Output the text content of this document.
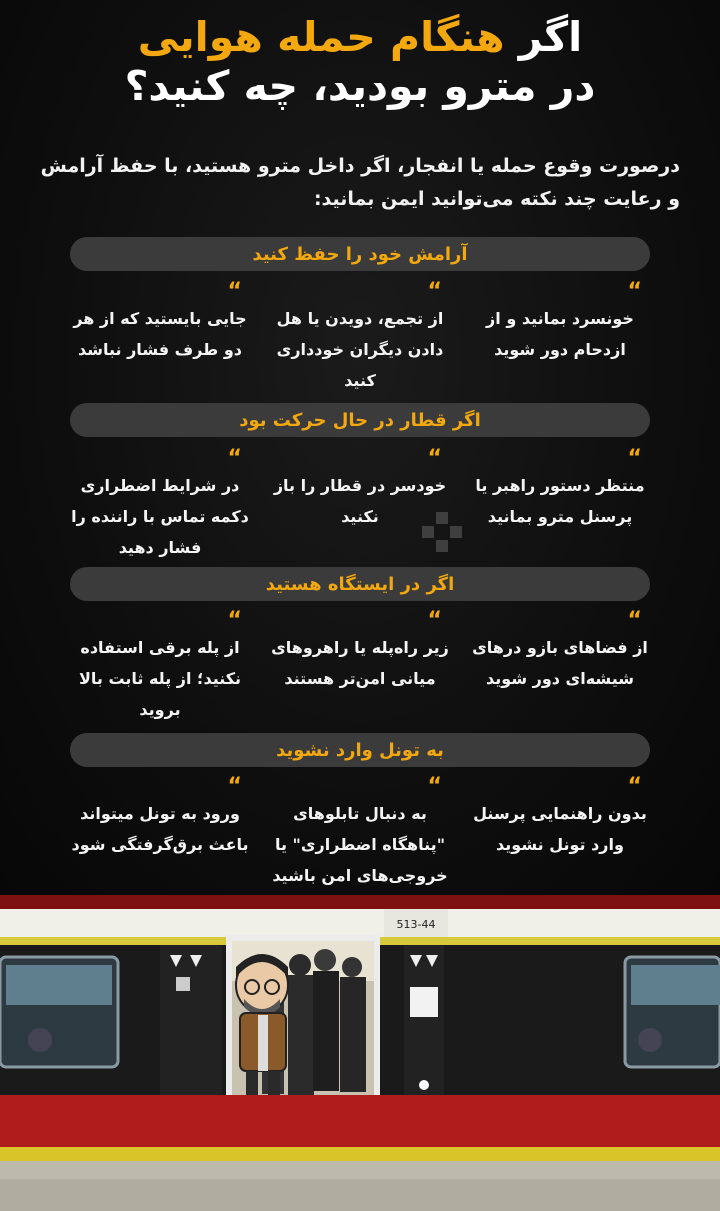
اگر هنگام حمله هوایی
در مترو بودید، چه کنید؟
درصورت وقوع حمله یا انفجار، اگر داخل مترو هستید، با حفظ آرامش و رعایت چند نکته می‌توانید ایمن بمانید:
آرامش خود را حفظ کنید
“
خونسرد بمانید و از ازدحام دور شوید
“
از تجمع، دویدن یا هل دادن دیگران خودداری کنید
“
جایی بایستید که از هر دو طرف فشار نباشد
اگر قطار در حال حرکت بود
“
منتظر دستور راهبر یا پرسنل مترو بمانید
“
خودسر در قطار را باز نکنید
“
در شرایط اضطراری دکمه تماس با راننده را فشار دهید
اگر در ایستگاه هستید
“
از فضاهای بازو درهای شیشه‌ای دور شوید
“
زیر راه‌پله یا راهروهای میانی امن‌تر هستند
“
از پله برقی استفاده نکنید؛ از پله ثابت بالا بروید
به تونل وارد نشوید
“
بدون راهنمایی پرسنل وارد تونل نشوید
“
به دنبال تابلوهای "پناهگاه اضطراری" یا خروجی‌های امن باشید
“
ورود به تونل میتواند باعث برق‌گرفتگی شود
513-44
